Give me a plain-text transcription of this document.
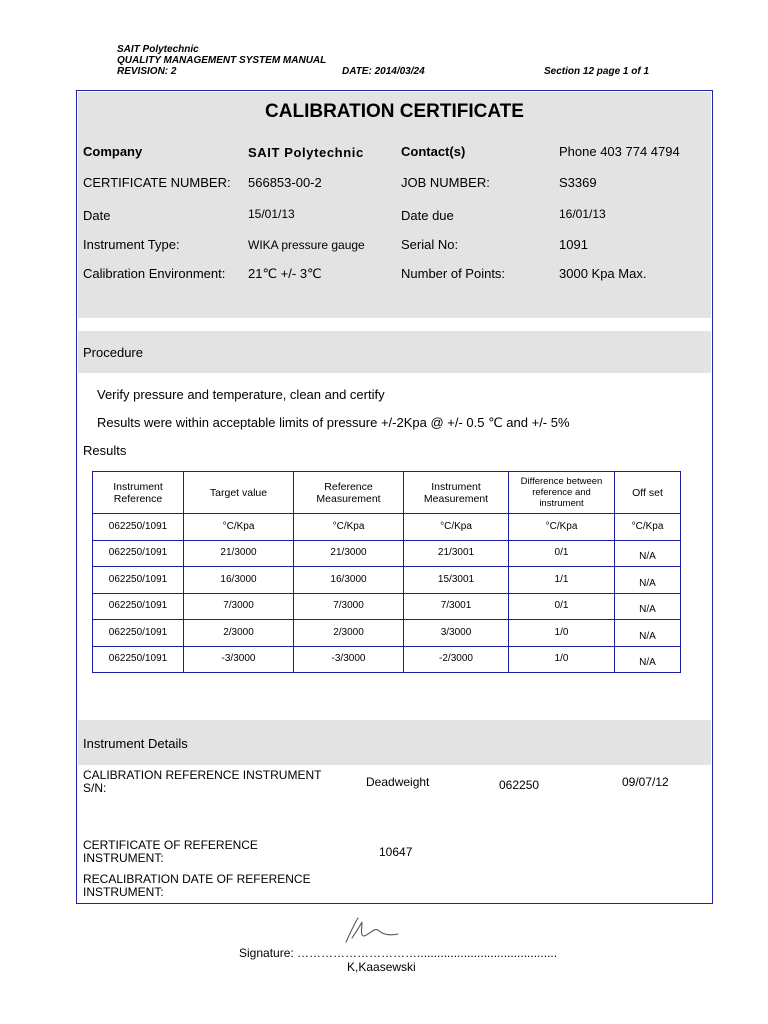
SAIT Polytechnic
QUALITY MANAGEMENT SYSTEM MANUAL
REVISION: 2	DATE: 2014/03/24	Section 12 page 1 of 1
CALIBRATION CERTIFICATE
Company	SAIT Polytechnic	Contact(s)	Phone 403 774 4794
CERTIFICATE NUMBER: 566853-00-2	JOB NUMBER:	S3369
Date	15/01/13	Date due	16/01/13
Instrument Type:	WIKA pressure gauge	Serial No:	1091
Calibration Environment: 21℃ +/- 3℃	Number of Points:	3000 Kpa Max.
Procedure
Verify pressure and temperature, clean and certify
Results were within acceptable limits of pressure +/-2Kpa @ +/- 0.5 ℃ and +/- 5%
Results
Instrument Reference	Target value	Reference Measurement	Instrument Measurement	Difference between reference and instrument	Off set
062250/1091	°C/Kpa	°C/Kpa	°C/Kpa	°C/Kpa	°C/Kpa
062250/1091	21/3000	21/3000	21/3001	0/1	N/A
062250/1091	16/3000	16/3000	15/3001	1/1	N/A
062250/1091	7/3000	7/3000	7/3001	0/1	N/A
062250/1091	2/3000	2/3000	3/3000	1/0	N/A
062250/1091	-3/3000	-3/3000	-2/3000	1/0	N/A
Instrument Details
CALIBRATION REFERENCE INSTRUMENT S/N:	Deadweight	062250	09/07/12
CERTIFICATE OF REFERENCE INSTRUMENT:	10647
RECALIBRATION DATE OF REFERENCE INSTRUMENT:
Signature: …………………………..........................................
K,Kaasewski
